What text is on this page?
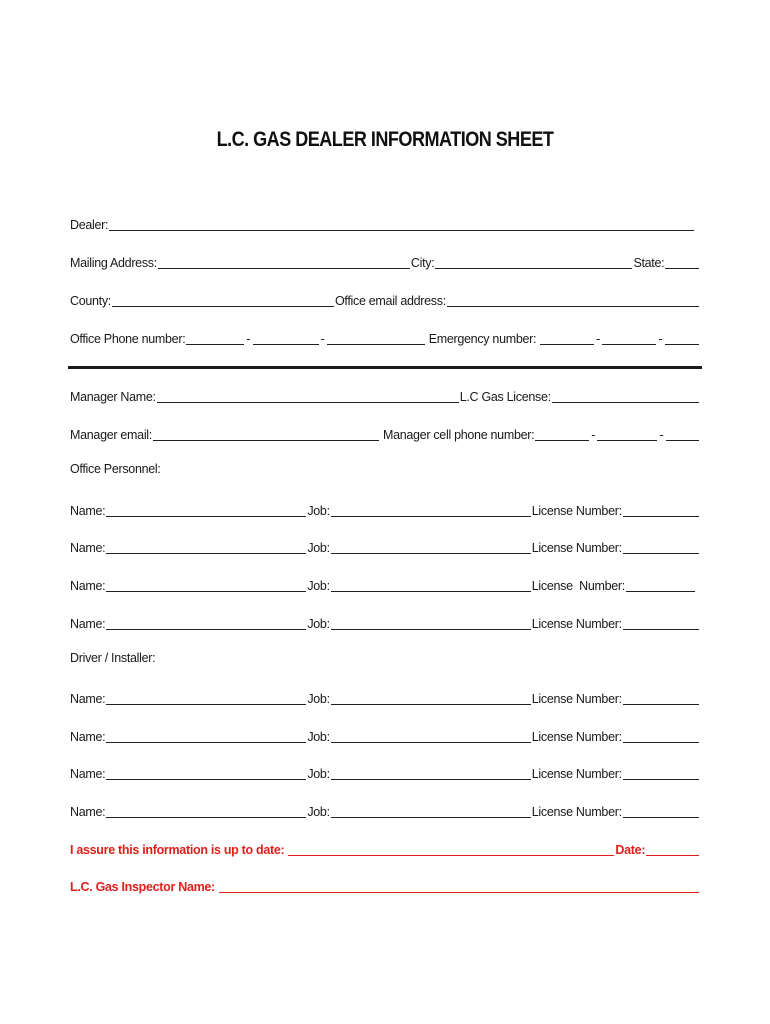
L.C. GAS DEALER INFORMATION SHEET
Dealer:
Mailing Address:	City:	State:
County:	Office email address:
Office Phone number:	-	-	Emergency number:	-	-
Manager Name:	L.C Gas License:
Manager email:	Manager cell phone number:	-	-
Office Personnel:
Name:	Job:	License Number:
Name:	Job:	License Number:
Name:	Job:	License  Number:
Name:	Job:	License Number:
Driver / Installer:
Name:	Job:	License Number:
Name:	Job:	License Number:
Name:	Job:	License Number:
Name:	Job:	License Number:
I assure this information is up to date:	Date:
L.C. Gas Inspector Name:
